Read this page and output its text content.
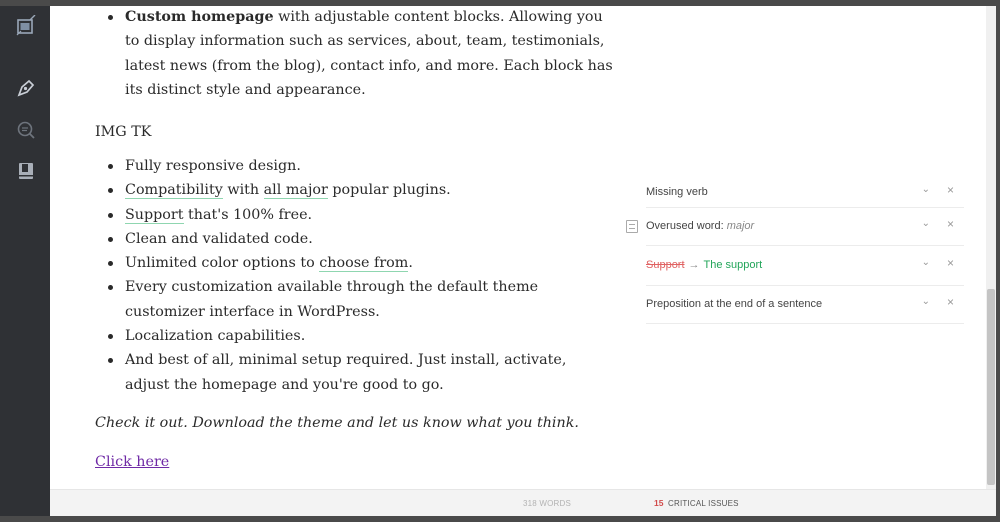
Custom homepage with adjustable content blocks. Allowing you to display information such as services, about, team, testimonials, latest news (from the blog), contact info, and more. Each block has its distinct style and appearance.

IMG TK

Fully responsive design.
Compatibility with all major popular plugins.
Support that's 100% free.
Clean and validated code.
Unlimited color options to choose from.
Every customization available through the default theme customizer interface in WordPress.
Localization capabilities.
And best of all, minimal setup required. Just install, activate, adjust the homepage and you're good to go.

Check it out. Download the theme and let us know what you think.

Click here
Missing verb	⌄ ×
Overused word: major	⌄ ×
Support → The support	⌄ ×
Preposition at the end of a sentence	⌄ ×
318 WORDS	15 CRITICAL ISSUES
